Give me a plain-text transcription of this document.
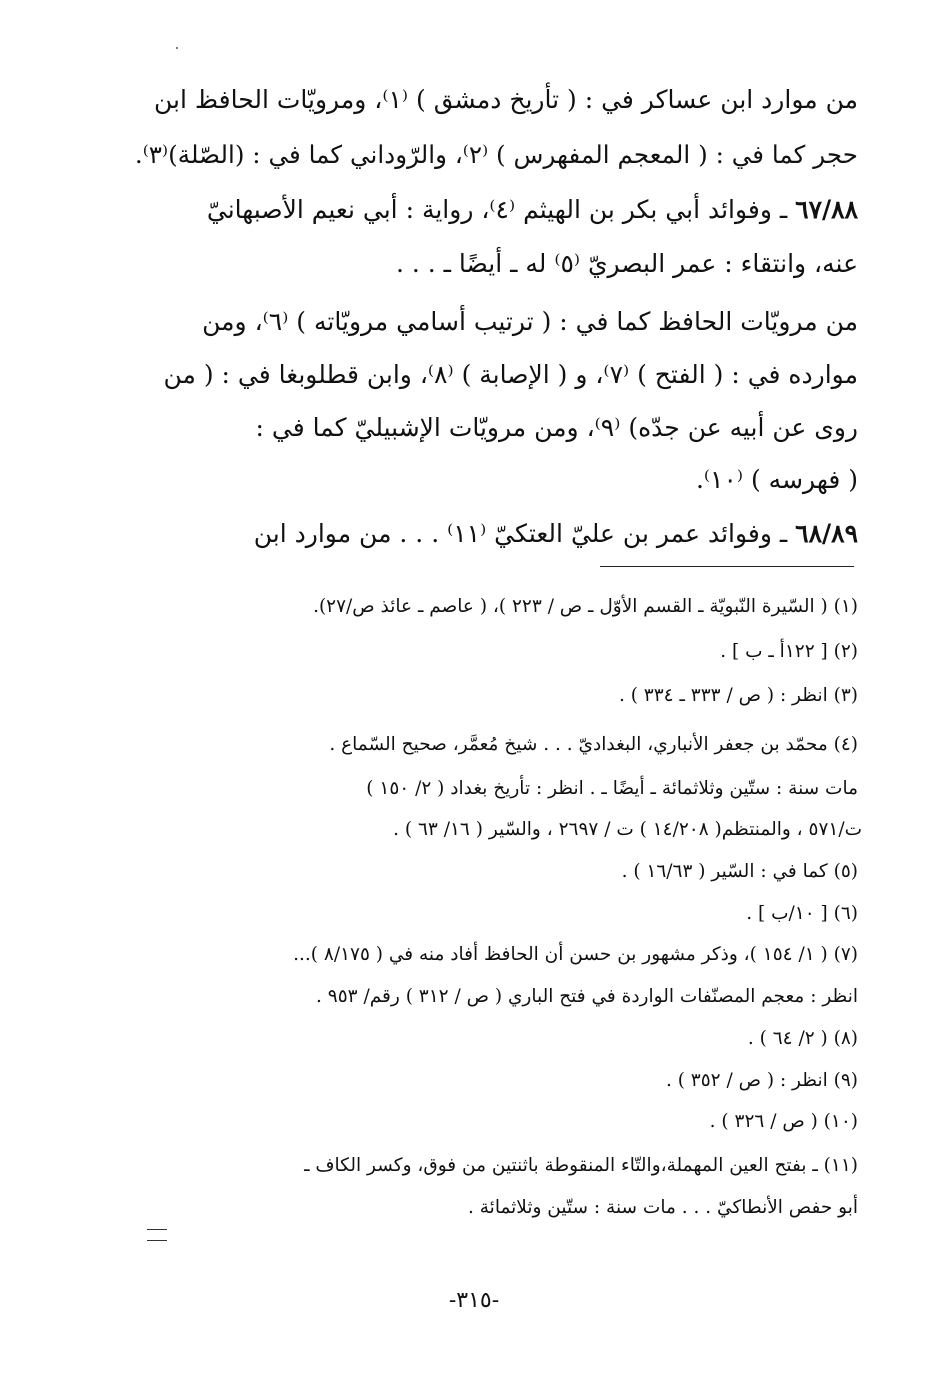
من موارد ابن عساكر في : ( تأريخ دمشق ) ⁽١⁾، ومرويّات الحافظ ابن
حجر كما في : ( المعجم المفهرس ) ⁽٢⁾، والرّوداني كما في : (الصّلة)⁽٣⁾.
٦٧/٨٨ ـ وفوائد أبي بكر بن الهيثم ⁽٤⁾، رواية : أبي نعيم الأصبهانيّ
عنه، وانتقاء : عمر البصريّ ⁽٥⁾ له ـ أيضًا ـ . . .
من مرويّات الحافظ كما في : ( ترتيب أسامي مرويّاته ) ⁽٦⁾، ومن
موارده في : ( الفتح ) ⁽٧⁾، و ( الإصابة ) ⁽٨⁾، وابن قطلوبغا في : ( من
روى عن أبيه عن جدّه) ⁽٩⁾، ومن مرويّات الإشبيليّ كما في :
( فهرسه ) ⁽١٠⁾.
٦٨/٨٩ ـ وفوائد عمر بن عليّ العتكيّ ⁽١١⁾ . . . من موارد ابن
(١) ( السّيرة النّبويّة ـ القسم الأوّل ـ ص / ٢٢٣ )، ( عاصم ـ عائذ ص/٢٧).
(٢) [ ١٢٢أ ـ ب ] .
(٣) انظر : ( ص / ٣٣٣ ـ ٣٣٤ ) .
(٤) محمّد بن جعفر الأنباري، البغداديّ . . . شيخ مُعمَّر، صحيح السّماع .
مات سنة : ستّين وثلاثمائة ـ أيضًا ـ . انظر : تأريخ بغداد ( ٢/ ١٥٠ )
ت/٥٧١ ، والمنتظم( ١٤/٢٠٨ ) ت / ٢٦٩٧ ، والسّير ( ١٦/ ٦٣ ) .
(٥) كما في : السّير ( ١٦/٦٣ ) .
(٦) [ ١٠/ب ] .
(٧) ( ١/ ١٥٤ )، وذكر مشهور بن حسن أن الحافظ أفاد منه في ( ٨/١٧٥ )...
انظر : معجم المصنّفات الواردة في فتح الباري ( ص / ٣١٢ ) رقم/ ٩٥٣ .
(٨) ( ٢/ ٦٤ ) .
(٩) انظر : ( ص / ٣٥٢ ) .
(١٠) ( ص / ٣٢٦ ) .
(١١) ـ بفتح العين المهملة،والتّاء المنقوطة باثنتين من فوق، وكسر الكاف ـ
أبو حفص الأنطاكيّ . . . مات سنة : ستّين وثلاثمائة .
-٣١٥-
